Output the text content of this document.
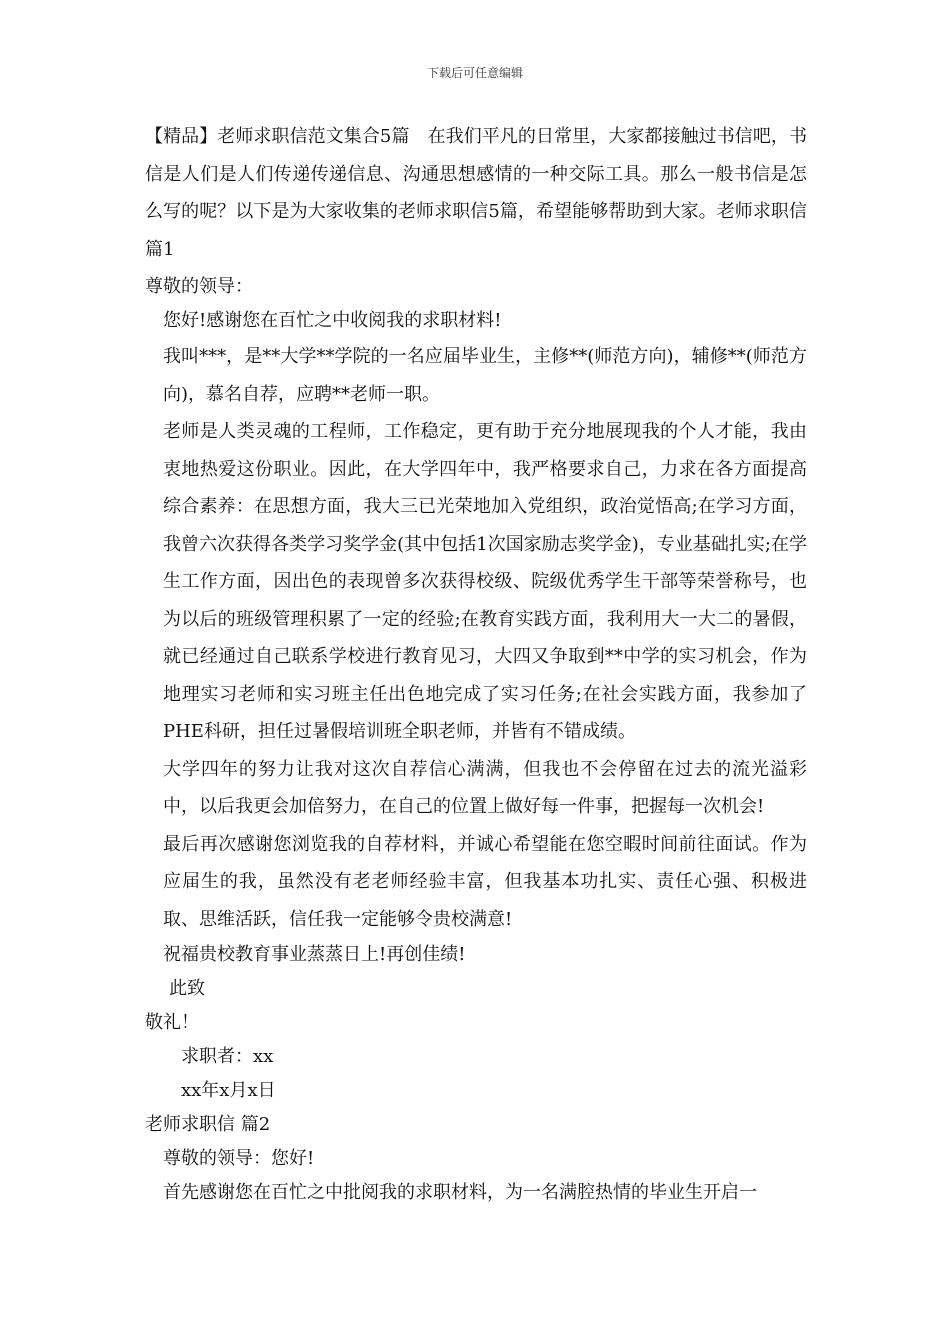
下载后可任意编辑

【精品】老师求职信范文集合5篇　在我们平凡的日常里，大家都接触过书信吧，书信是人们是人们传递传递信息、沟通思想感情的一种交际工具。那么一般书信是怎么写的呢？以下是为大家收集的老师求职信5篇，希望能够帮助到大家。老师求职信 篇1

尊敬的领导：

您好!感谢您在百忙之中收阅我的求职材料!

我叫***，是**大学**学院的一名应届毕业生，主修**(师范方向)，辅修**(师范方向)，慕名自荐，应聘**老师一职。

老师是人类灵魂的工程师，工作稳定，更有助于充分地展现我的个人才能，我由衷地热爱这份职业。因此，在大学四年中，我严格要求自己，力求在各方面提高综合素养：在思想方面，我大三已光荣地加入党组织，政治觉悟高;在学习方面，我曾六次获得各类学习奖学金(其中包括1次国家励志奖学金)，专业基础扎实;在学生工作方面，因出色的表现曾多次获得校级、院级优秀学生干部等荣誉称号，也为以后的班级管理积累了一定的经验;在教育实践方面，我利用大一大二的暑假，就已经通过自己联系学校进行教育见习，大四又争取到**中学的实习机会，作为地理实习老师和实习班主任出色地完成了实习任务;在社会实践方面，我参加了PHE科研，担任过暑假培训班全职老师，并皆有不错成绩。

大学四年的努力让我对这次自荐信心满满，但我也不会停留在过去的流光溢彩中，以后我更会加倍努力，在自己的位置上做好每一件事，把握每一次机会!

最后再次感谢您浏览我的自荐材料，并诚心希望能在您空暇时间前往面试。作为应届生的我，虽然没有老老师经验丰富，但我基本功扎实、责任心强、积极进取、思维活跃，信任我一定能够令贵校满意!

祝福贵校教育事业蒸蒸日上!再创佳绩!

此致

敬礼！

求职者：xx

xx年x月x日

老师求职信 篇2

尊敬的领导：您好!

首先感谢您在百忙之中批阅我的求职材料，为一名满腔热情的毕业生开启一
